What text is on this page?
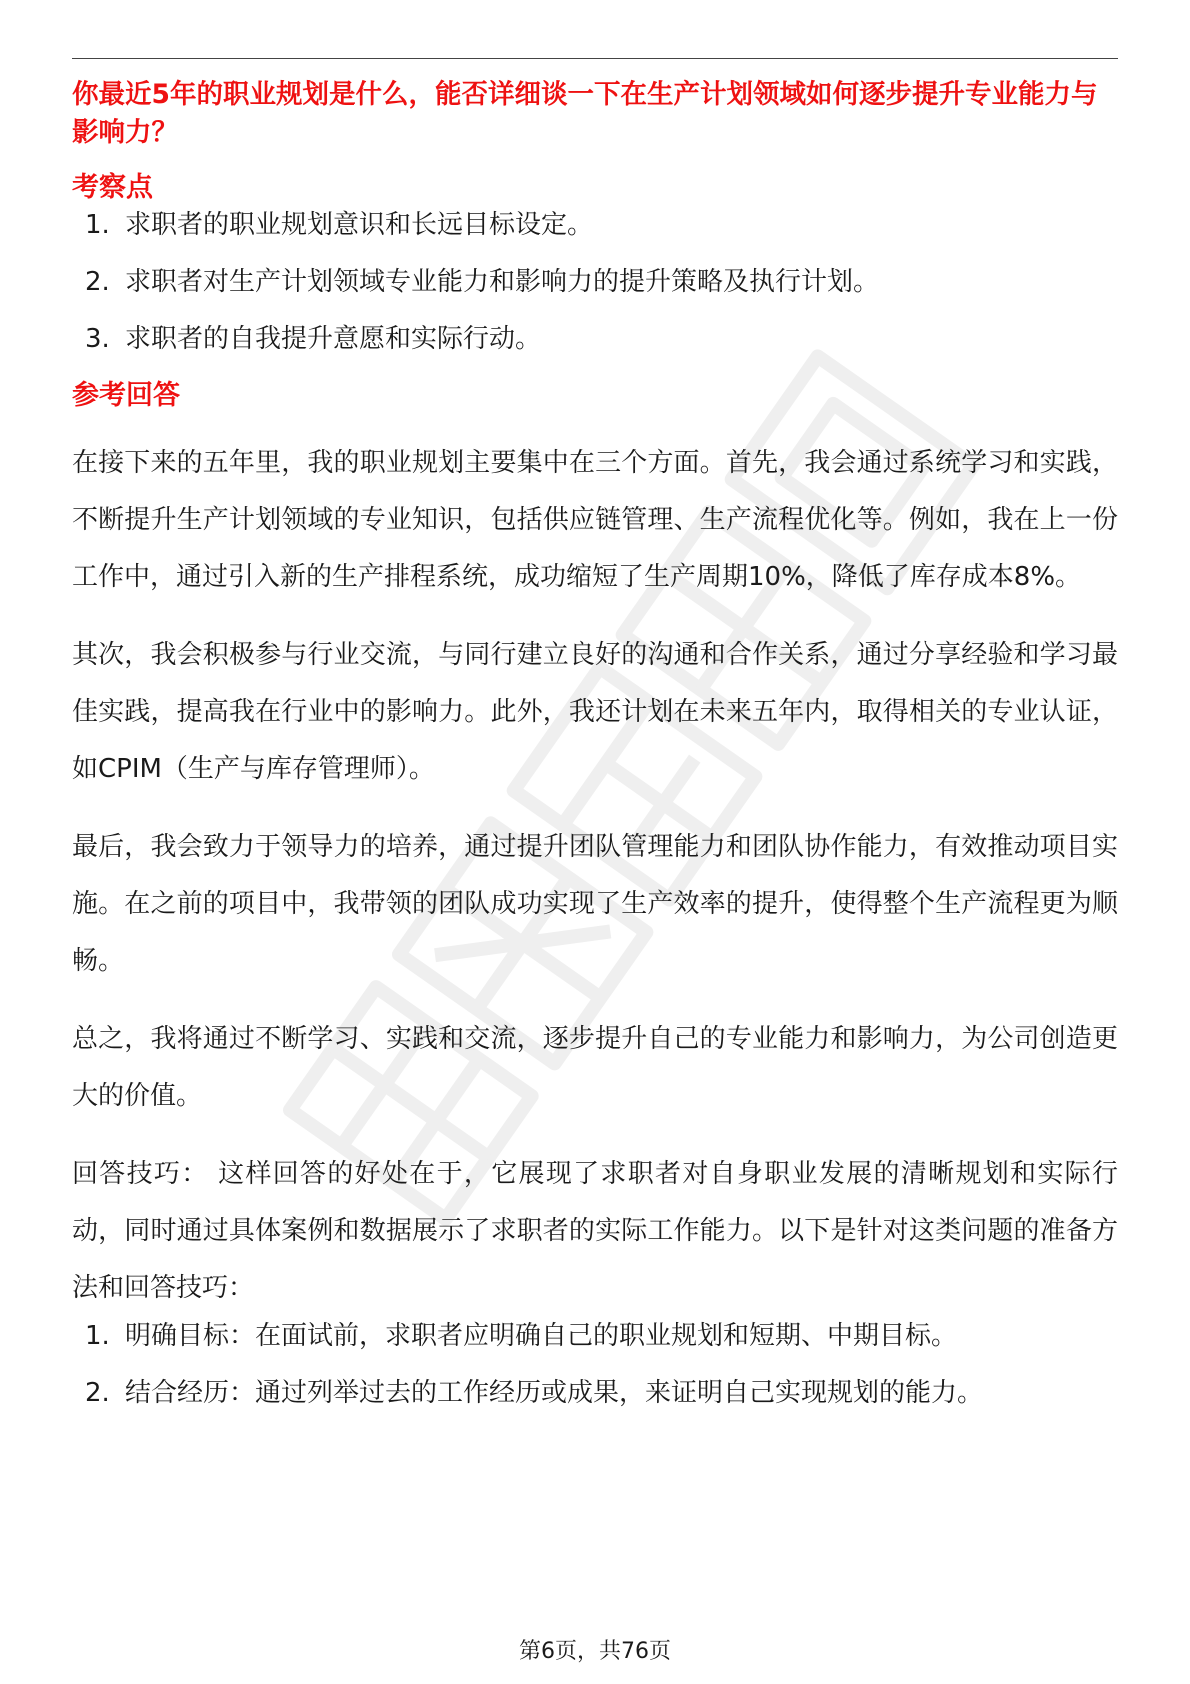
你最近5年的职业规划是什么，能否详细谈一下在生产计划领域如何逐步提升专业能力与影响力？

考察点
1. 求职者的职业规划意识和长远目标设定。
2. 求职者对生产计划领域专业能力和影响力的提升策略及执行计划。
3. 求职者的自我提升意愿和实际行动。
参考回答

在接下来的五年里，我的职业规划主要集中在三个方面。首先，我会通过系统学习和实践，不断提升生产计划领域的专业知识，包括供应链管理、生产流程优化等。例如，我在上一份工作中，通过引入新的生产排程系统，成功缩短了生产周期10%，降低了库存成本8%。

其次，我会积极参与行业交流，与同行建立良好的沟通和合作关系，通过分享经验和学习最佳实践，提高我在行业中的影响力。此外，我还计划在未来五年内，取得相关的专业认证，如CPIM（生产与库存管理师）。

最后，我会致力于领导力的培养，通过提升团队管理能力和团队协作能力，有效推动项目实施。在之前的项目中，我带领的团队成功实现了生产效率的提升，使得整个生产流程更为顺畅。

总之，我将通过不断学习、实践和交流，逐步提升自己的专业能力和影响力，为公司创造更大的价值。

回答技巧： 这样回答的好处在于，它展现了求职者对自身职业发展的清晰规划和实际行动，同时通过具体案例和数据展示了求职者的实际工作能力。以下是针对这类问题的准备方法和回答技巧：

1. 明确目标：在面试前，求职者应明确自己的职业规划和短期、中期目标。
2. 结合经历：通过列举过去的工作经历或成果，来证明自己实现规划的能力。
第6页，共76页
